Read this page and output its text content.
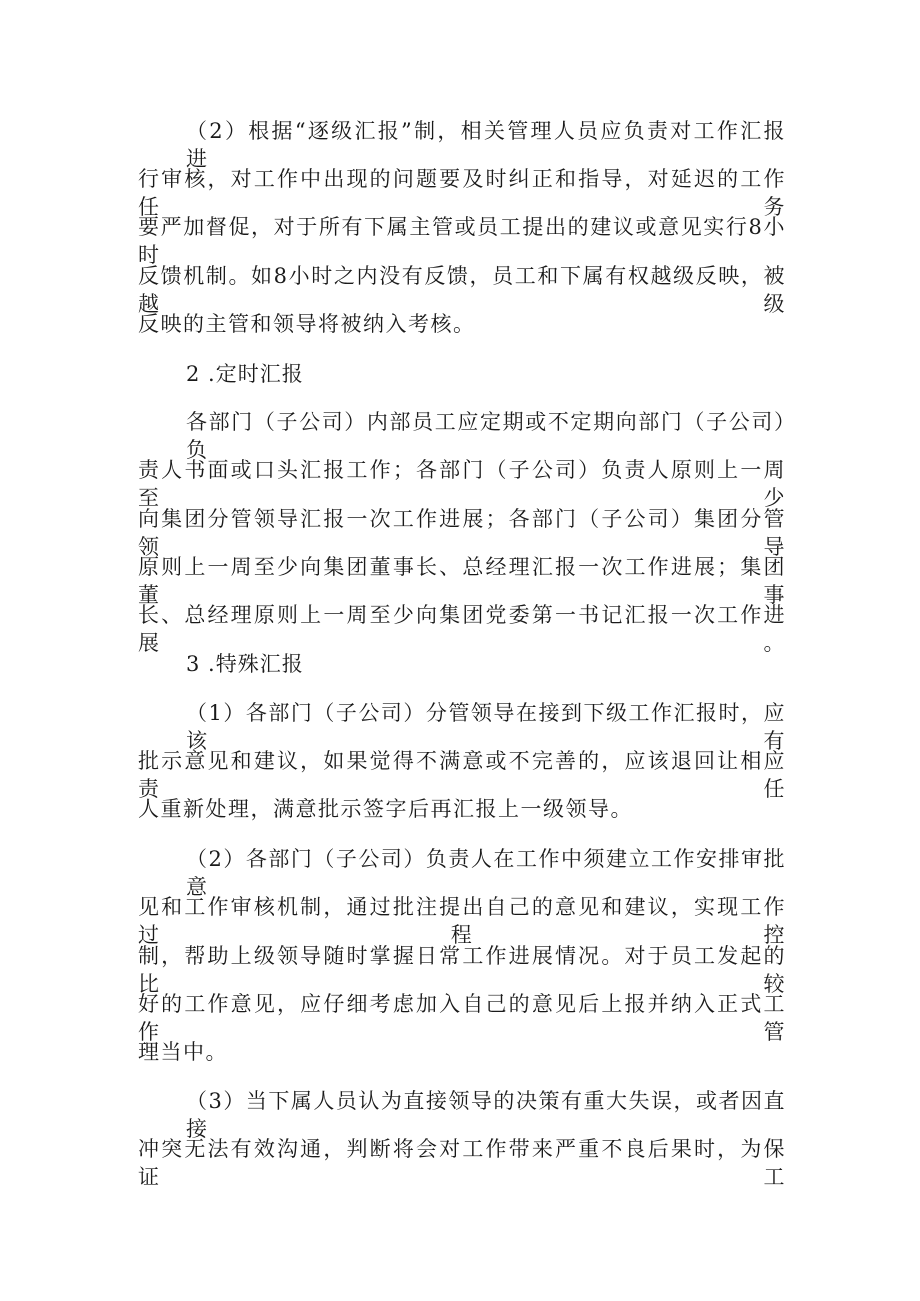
（2）根据“逐级汇报”制，相关管理人员应负责对工作汇报进
行审核，对工作中出现的问题要及时纠正和指导，对延迟的工作任务
要严加督促，对于所有下属主管或员工提出的建议或意见实行8小时
反馈机制。如8小时之内没有反馈，员工和下属有权越级反映，被越级
反映的主管和领导将被纳入考核。
2 .定时汇报
各部门（子公司）内部员工应定期或不定期向部门（子公司）负
责人书面或口头汇报工作；各部门（子公司）负责人原则上一周至少
向集团分管领导汇报一次工作进展；各部门（子公司）集团分管领导
原则上一周至少向集团董事长、总经理汇报一次工作进展；集团董事
长、总经理原则上一周至少向集团党委第一书记汇报一次工作进展。
3 .特殊汇报
（1）各部门（子公司）分管领导在接到下级工作汇报时，应该有
批示意见和建议，如果觉得不满意或不完善的，应该退回让相应责任
人重新处理，满意批示签字后再汇报上一级领导。
（2）各部门（子公司）负责人在工作中须建立工作安排审批意
见和工作审核机制，通过批注提出自己的意见和建议，实现工作过程控
制，帮助上级领导随时掌握日常工作进展情况。对于员工发起的比较
好的工作意见，应仔细考虑加入自己的意见后上报并纳入正式工作管
理当中。
（3）当下属人员认为直接领导的决策有重大失误，或者因直接
冲突无法有效沟通，判断将会对工作带来严重不良后果时，为保证工
